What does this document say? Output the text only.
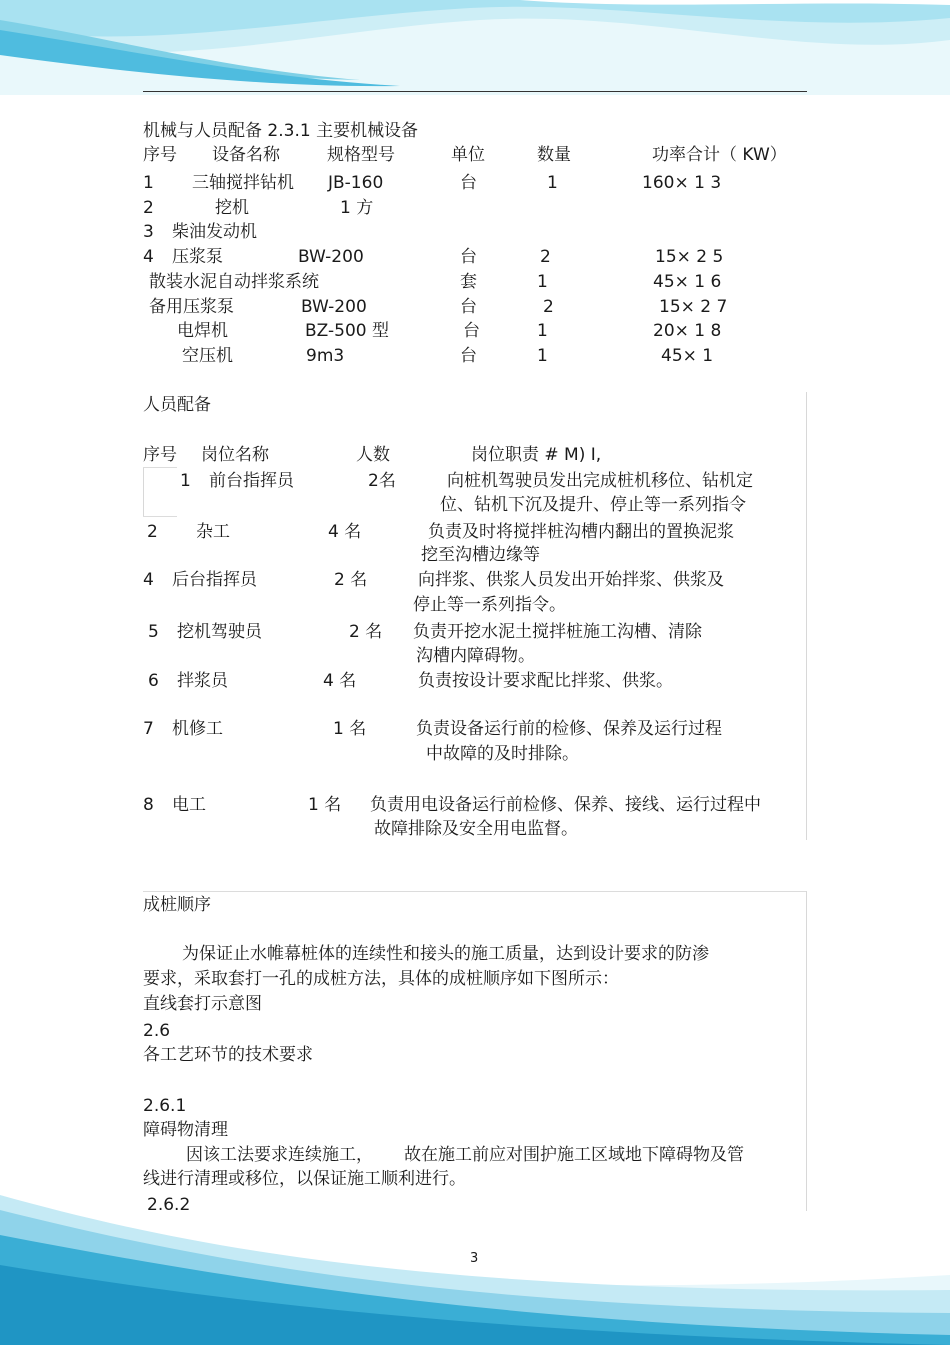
机械与人员配备 2.3.1 主要机械设备
序号 设备名称	规格型号	单位	数量	功率合计（ KW）
1 三轴搅拌钻机 JB-160	台	1	160× 1 3
2	挖机	1 方
3 柴油发动机
4 压浆泵	BW-200	台	2	15× 2 5
散装水泥自动拌浆系统	套	1	45× 1 6
备用压浆泵	BW-200	台	2	15× 2 7
电焊机	BZ-500 型	台	1	20× 1 8
空压机	9m3	台	1	45× 1
人员配备
序号 岗位名称	人数	岗位职责 # M) I,
1 前台指挥员	2名	向桩机驾驶员发出完成桩机移位、钻机定
位、钻机下沉及提升、停止等一系列指令
2 杂工	4 名	负责及时将搅拌桩沟槽内翻出的置换泥浆
挖至沟槽边缘等
4 后台指挥员	2 名	向拌浆、供浆人员发出开始拌浆、供浆及
停止等一系列指令。
5 挖机驾驶员	2 名 负责开挖水泥土搅拌桩施工沟槽、清除
沟槽内障碍物。
6 拌浆员	4 名	负责按设计要求配比拌浆、供浆。
7 机修工	1 名	负责设备运行前的检修、保养及运行过程
中故障的及时排除。
8 电工	1 名 负责用电设备运行前检修、保养、接线、运行过程中
故障排除及安全用电监督。
成桩顺序
为保证止水帷幕桩体的连续性和接头的施工质量，达到设计要求的防渗
要求，采取套打一孔的成桩方法，具体的成桩顺序如下图所示：
直线套打示意图
2.6
各工艺环节的技术要求
2.6.1
障碍物清理
因该工法要求连续施工， 故在施工前应对围护施工区域地下障碍物及管
线进行清理或移位，以保证施工顺利进行。
2.6.2
3
